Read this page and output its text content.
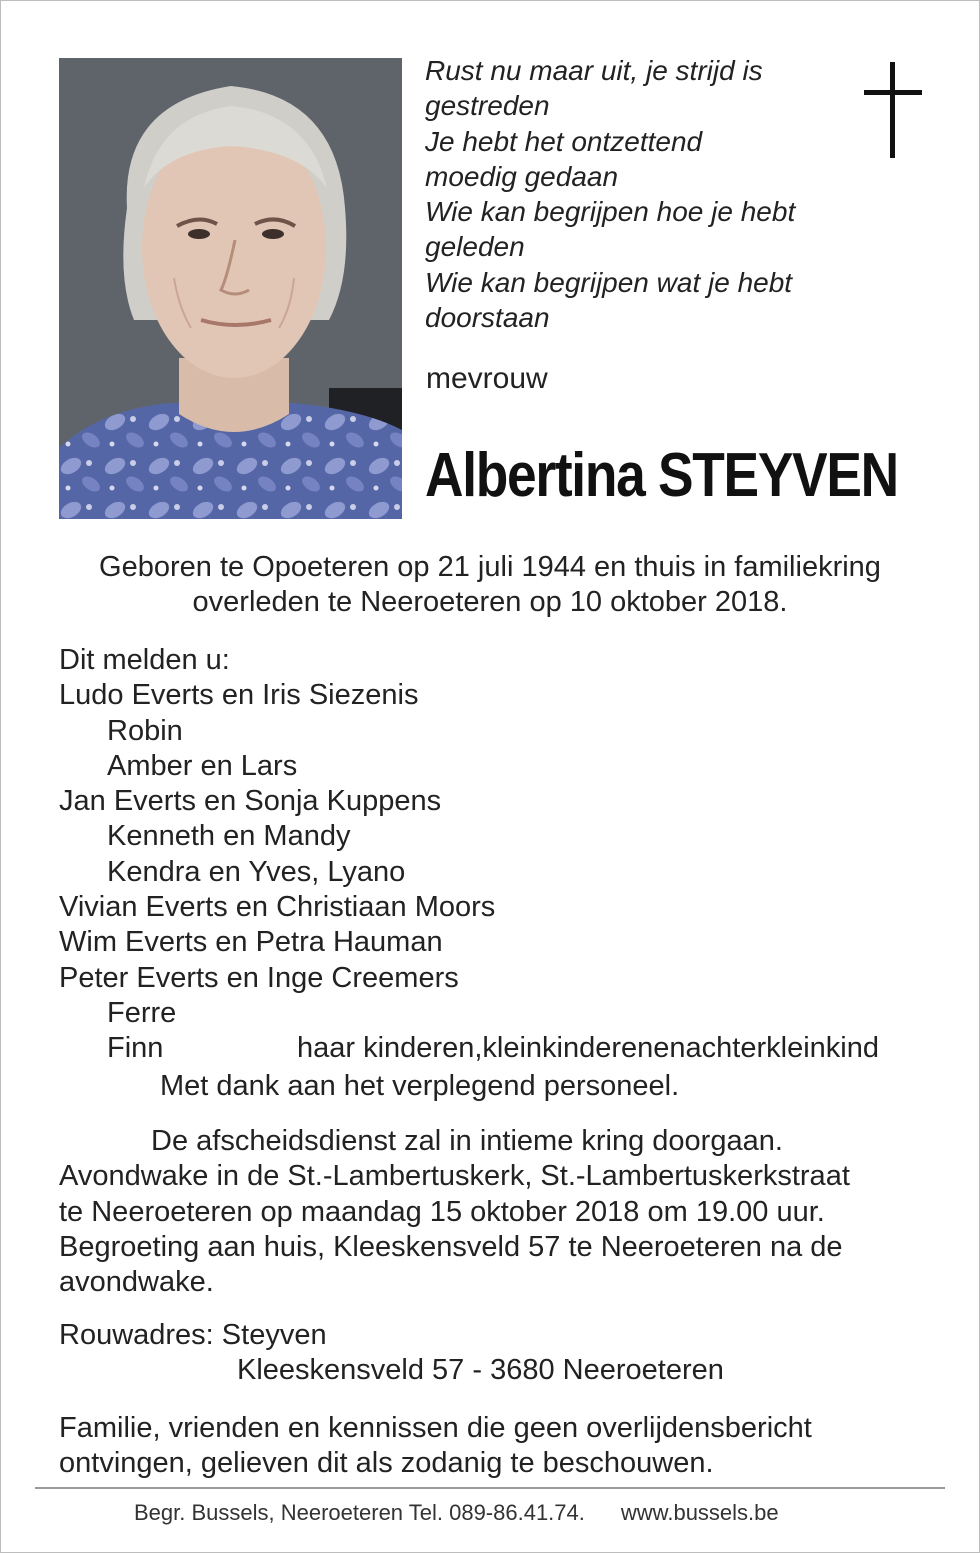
Rust nu maar uit, je strijd is
gestreden
Je hebt het ontzettend
moedig gedaan
Wie kan begrijpen hoe je hebt
geleden
Wie kan begrijpen wat je hebt
doorstaan
mevrouw
Albertina STEYVEN
Geboren te Opoeteren op 21 juli 1944 en thuis in familiekring
overleden te Neeroeteren op 10 oktober 2018.
Dit melden u:
Ludo Everts en Iris Siezenis
Robin
Amber en Lars
Jan Everts en Sonja Kuppens
Kenneth en Mandy
Kendra en Yves, Lyano
Vivian Everts en Christiaan Moors
Wim Everts en Petra Hauman
Peter Everts en Inge Creemers
Ferre
Finn	haar kinderen,kleinkinderenenachterkleinkind
Met dank aan het verplegend personeel.
De afscheidsdienst zal in intieme kring doorgaan.
Avondwake in de St.-Lambertuskerk, St.-Lambertuskerkstraat
te Neeroeteren op maandag 15 oktober 2018 om 19.00 uur.
Begroeting aan huis, Kleeskensveld 57 te Neeroeteren na de
avondwake.
Rouwadres: Steyven
Kleeskensveld 57 - 3680 Neeroeteren
Familie, vrienden en kennissen die geen overlijdensbericht
ontvingen, gelieven dit als zodanig te beschouwen.
Begr. Bussels, Neeroeteren Tel. 089-86.41.74. www.bussels.be
